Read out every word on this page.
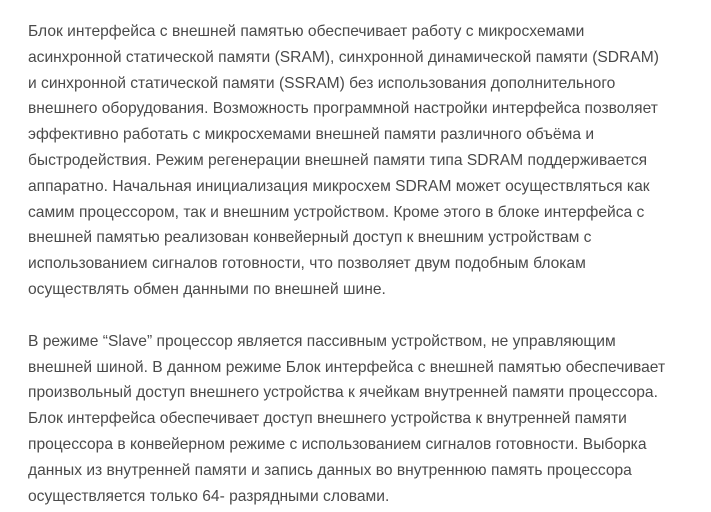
Блок интерфейса с внешней памятью обеспечивает работу с микросхемами
асинхронной статической памяти (SRAM), синхронной динамической памяти (SDRAM)
и синхронной статической памяти (SSRAM) без использования дополнительного
внешнего оборудования. Возможность программной настройки интерфейса позволяет
эффективно работать с микросхемами внешней памяти различного объёма и
быстродействия. Режим регенерации внешней памяти типа SDRAM поддерживается
аппаратно. Начальная инициализация микросхем SDRAM может осуществляться как
самим процессором, так и внешним устройством. Кроме этого в блоке интерфейса с
внешней памятью реализован конвейерный доступ к внешним устройствам с
использованием сигналов готовности, что позволяет двум подобным блокам
осуществлять обмен данными по внешней шине.

В режиме “Slave” процессор является пассивным устройством, не управляющим
внешней шиной. В данном режиме Блок интерфейса с внешней памятью обеспечивает
произвольный доступ внешнего устройства к ячейкам внутренней памяти процессора.
Блок интерфейса обеспечивает доступ внешнего устройства к внутренней памяти
процессора в конвейерном режиме с использованием сигналов готовности. Выборка
данных из внутренней памяти и запись данных во внутреннюю память процессора
осуществляется только 64- разрядными словами.
